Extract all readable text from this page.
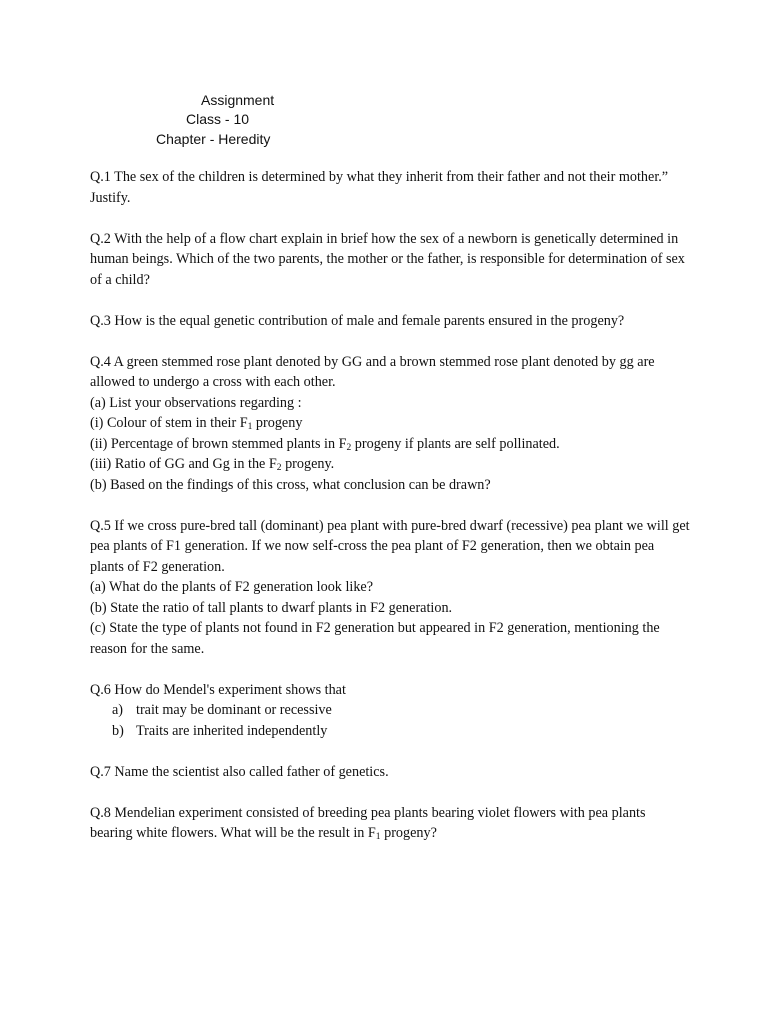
Assignment
Class - 10
Chapter - Heredity

Q.1 The sex of the children is determined by what they inherit from their father and not their mother.” Justify.

Q.2 With the help of a flow chart explain in brief how the sex of a newborn is genetically determined in human beings. Which of the two parents, the mother or the father, is responsible for determination of sex of a child?

Q.3 How is the equal genetic contribution of male and female parents ensured in the progeny?

Q.4 A green stemmed rose plant denoted by GG and a brown stemmed rose plant denoted by gg are allowed to undergo a cross with each other.

(a) List your observations regarding :

(i) Colour of stem in their $F_1$ progeny

(ii) Percentage of brown stemmed plants in $F_2$ progeny if plants are self pollinated.

(iii) Ratio of GG and Gg in the $F_2$ progeny.

(b) Based on the findings of this cross, what conclusion can be drawn?

Q.5 If we cross pure-bred tall (dominant) pea plant with pure-bred dwarf (recessive) pea plant we will get pea plants of F1 generation. If we now self-cross the pea plant of F2 generation, then we obtain pea plants of F2 generation.

(a) What do the plants of F2 generation look like?

(b) State the ratio of tall plants to dwarf plants in F2 generation.

(c) State the type of plants not found in F2 generation but appeared in F2 generation, mentioning the reason for the same.

Q.6 How do Mendel's experiment shows that

a) trait may be dominant or recessive
b) Traits are inherited independently

Q.7 Name the scientist also called father of genetics.

Q.8 Mendelian experiment consisted of breeding pea plants bearing violet flowers with pea plants bearing white flowers. What will be the result in $F_1$ progeny?
